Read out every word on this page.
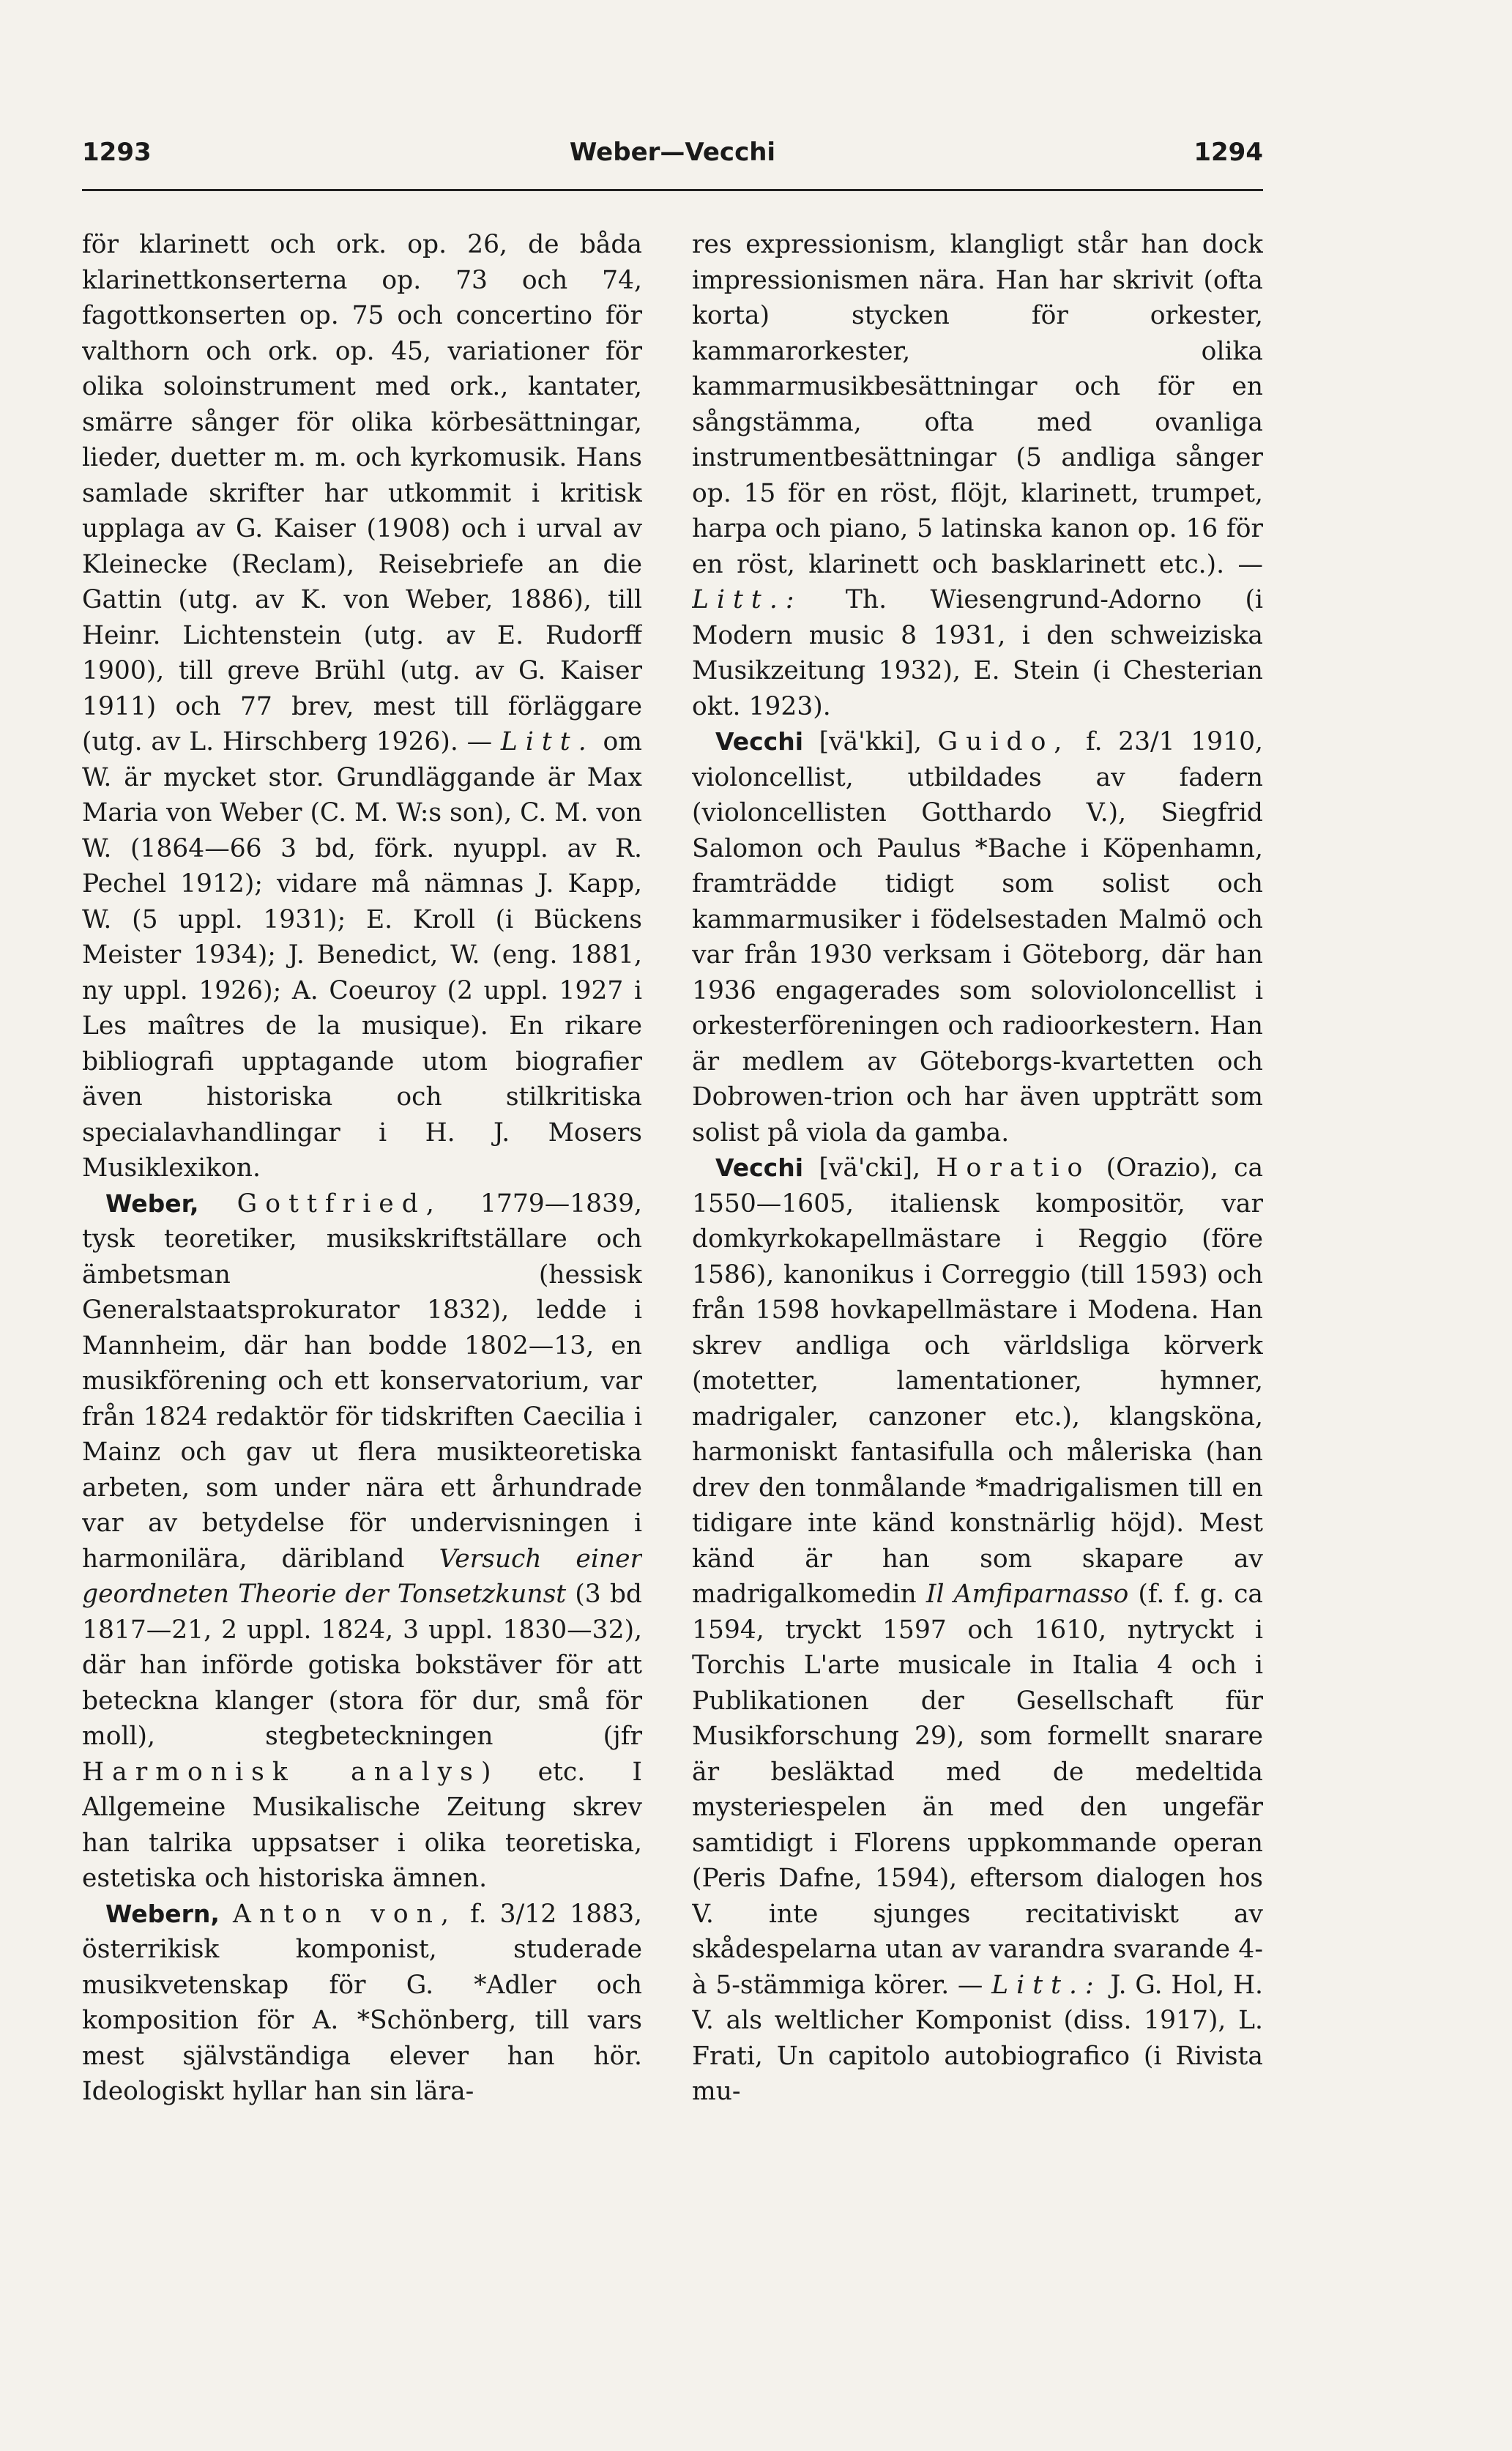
1293	Weber—Vecchi	1294

för klarinett och ork. op. 26, de båda klarinettkonserterna op. 73 och 74, fagottkonserten op. 75 och concertino för valthorn och ork. op. 45, variationer för olika soloinstrument med ork., kantater, smärre sånger för olika körbesättningar, lieder, duetter m. m. och kyrkomusik. Hans samlade skrifter har utkommit i kritisk upplaga av G. Kaiser (1908) och i urval av Kleinecke (Reclam), Reisebriefe an die Gattin (utg. av K. von Weber, 1886), till Heinr. Lichtenstein (utg. av E. Rudorff 1900), till greve Brühl (utg. av G. Kaiser 1911) och 77 brev, mest till förläggare (utg. av L. Hirschberg 1926). — Litt. om W. är mycket stor. Grundläggande är Max Maria von Weber (C. M. W:s son), C. M. von W. (1864—66 3 bd, förk. nyuppl. av R. Pechel 1912); vidare må nämnas J. Kapp, W. (5 uppl. 1931); E. Kroll (i Bückens Meister 1934); J. Benedict, W. (eng. 1881, ny uppl. 1926); A. Coeuroy (2 uppl. 1927 i Les maîtres de la musique). En rikare bibliografi upptagande utom biografier även historiska och stilkritiska specialavhandlingar i H. J. Mosers Musiklexikon.

Weber, Gottfried, 1779—1839, tysk teoretiker, musikskriftställare och ämbetsman (hessisk Generalstaatsprokurator 1832), ledde i Mannheim, där han bodde 1802—13, en musikförening och ett konservatorium, var från 1824 redaktör för tidskriften Caecilia i Mainz och gav ut flera musikteoretiska arbeten, som under nära ett århundrade var av betydelse för undervisningen i harmonilära, däribland Versuch einer geordneten Theorie der Tonsetzkunst (3 bd 1817—21, 2 uppl. 1824, 3 uppl. 1830—32), där han införde gotiska bokstäver för att beteckna klanger (stora för dur, små för moll), stegbeteckningen (jfr Harmonisk analys) etc. I Allgemeine Musikalische Zeitung skrev han talrika uppsatser i olika teoretiska, estetiska och historiska ämnen.

Webern, Anton von, f. 3/12 1883, österrikisk komponist, studerade musikvetenskap för G. *Adler och komposition för A. *Schönberg, till vars mest självständiga elever han hör. Ideologiskt hyllar han sin lära-

res expressionism, klangligt står han dock impressionismen nära. Han har skrivit (ofta korta) stycken för orkester, kammarorkester, olika kammarmusikbesättningar och för en sångstämma, ofta med ovanliga instrumentbesättningar (5 andliga sånger op. 15 för en röst, flöjt, klarinett, trumpet, harpa och piano, 5 latinska kanon op. 16 för en röst, klarinett och basklarinett etc.). — Litt.: Th. Wiesengrund-Adorno (i Modern music 8 1931, i den schweiziska Musikzeitung 1932), E. Stein (i Chesterian okt. 1923).

Vecchi [vä'kki], Guido, f. 23/1 1910, violoncellist, utbildades av fadern (violoncellisten Gotthardo V.), Siegfrid Salomon och Paulus *Bache i Köpenhamn, framträdde tidigt som solist och kammarmusiker i födelsestaden Malmö och var från 1930 verksam i Göteborg, där han 1936 engagerades som solovioloncellist i orkesterföreningen och radioorkestern. Han är medlem av Göteborgs-kvartetten och Dobrowen-trion och har även uppträtt som solist på viola da gamba.

Vecchi [vä'cki], Horatio (Orazio), ca 1550—1605, italiensk kompositör, var domkyrkokapellmästare i Reggio (före 1586), kanonikus i Correggio (till 1593) och från 1598 hovkapellmästare i Modena. Han skrev andliga och världsliga körverk (motetter, lamentationer, hymner, madrigaler, canzoner etc.), klangsköna, harmoniskt fantasifulla och måleriska (han drev den tonmålande *madrigalismen till en tidigare inte känd konstnärlig höjd). Mest känd är han som skapare av madrigalkomedin Il Amfiparnasso (f. f. g. ca 1594, tryckt 1597 och 1610, nytryckt i Torchis L'arte musicale in Italia 4 och i Publikationen der Gesellschaft für Musikforschung 29), som formellt snarare är besläktad med de medeltida mysteriespelen än med den ungefär samtidigt i Florens uppkommande operan (Peris Dafne, 1594), eftersom dialogen hos V. inte sjunges recitativiskt av skådespelarna utan av varandra svarande 4- à 5-stämmiga körer. — Litt.: J. G. Hol, H. V. als weltlicher Komponist (diss. 1917), L. Frati, Un capitolo autobiografico (i Rivista mu-
